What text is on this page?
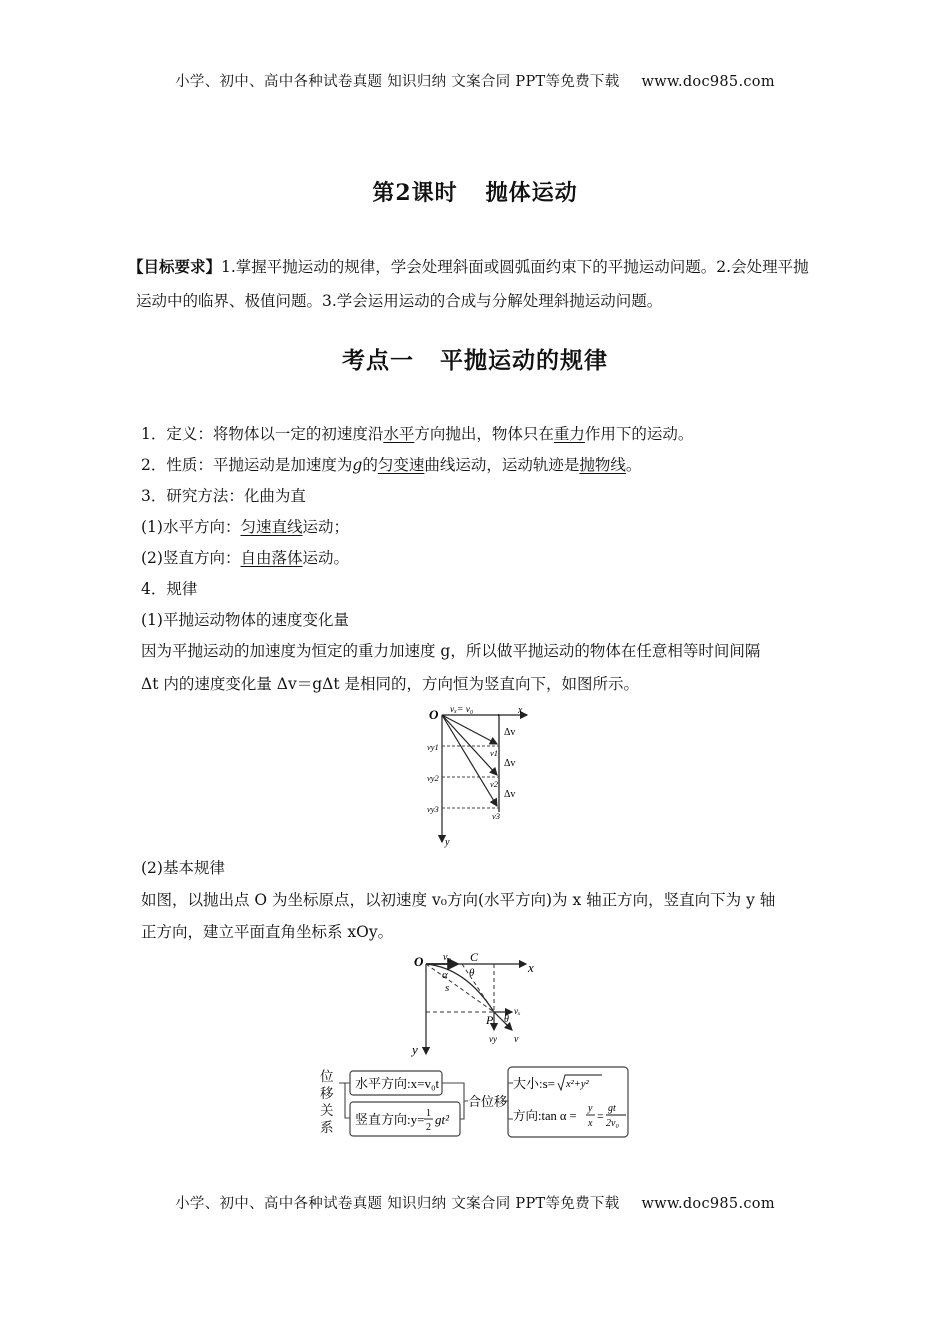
小学、初中、高中各种试卷真题 知识归纳 文案合同 PPT等免费下载 www.doc985.com
第2课时 抛体运动
【目标要求】1.掌握平抛运动的规律，学会处理斜面或圆弧面约束下的平抛运动问题。2.会处理平抛运动中的临界、极值问题。3.学会运用运动的合成与分解处理斜抛运动问题。
考点一 平抛运动的规律
1．定义：将物体以一定的初速度沿水平方向抛出，物体只在重力作用下的运动。
2．性质：平抛运动是加速度为g的匀变速曲线运动，运动轨迹是抛物线。
3．研究方法：化曲为直
(1)水平方向：匀速直线运动；
(2)竖直方向：自由落体运动。
4．规律
(1)平抛运动物体的速度变化量
因为平抛运动的加速度为恒定的重力加速度 g，所以做平抛运动的物体在任意相等时间间隔
Δt 内的速度变化量 Δv＝gΔt 是相同的，方向恒为竖直向下，如图所示。
O vₓ= v₀	x
y
Δv
Δv
Δv
vy1
vy2
vy3
v1
v2
v3
(2)基本规律
如图，以抛出点 O 为坐标原点，以初速度 v₀方向(水平方向)为 x 轴正方向，竖直向下为 y 轴
正方向，建立平面直角坐标系 xOy。
O	x
y
v₀ C
α θ
s
P θ
vₓ
vy v
位
移
关
系
水平方向:x=v₀t
竖直方向:y= 1
2
gt²
合位移
大小:s= x²+y²
方向:tan α =
y
x
=
gt
2v₀
小学、初中、高中各种试卷真题 知识归纳 文案合同 PPT等免费下载 www.doc985.com
